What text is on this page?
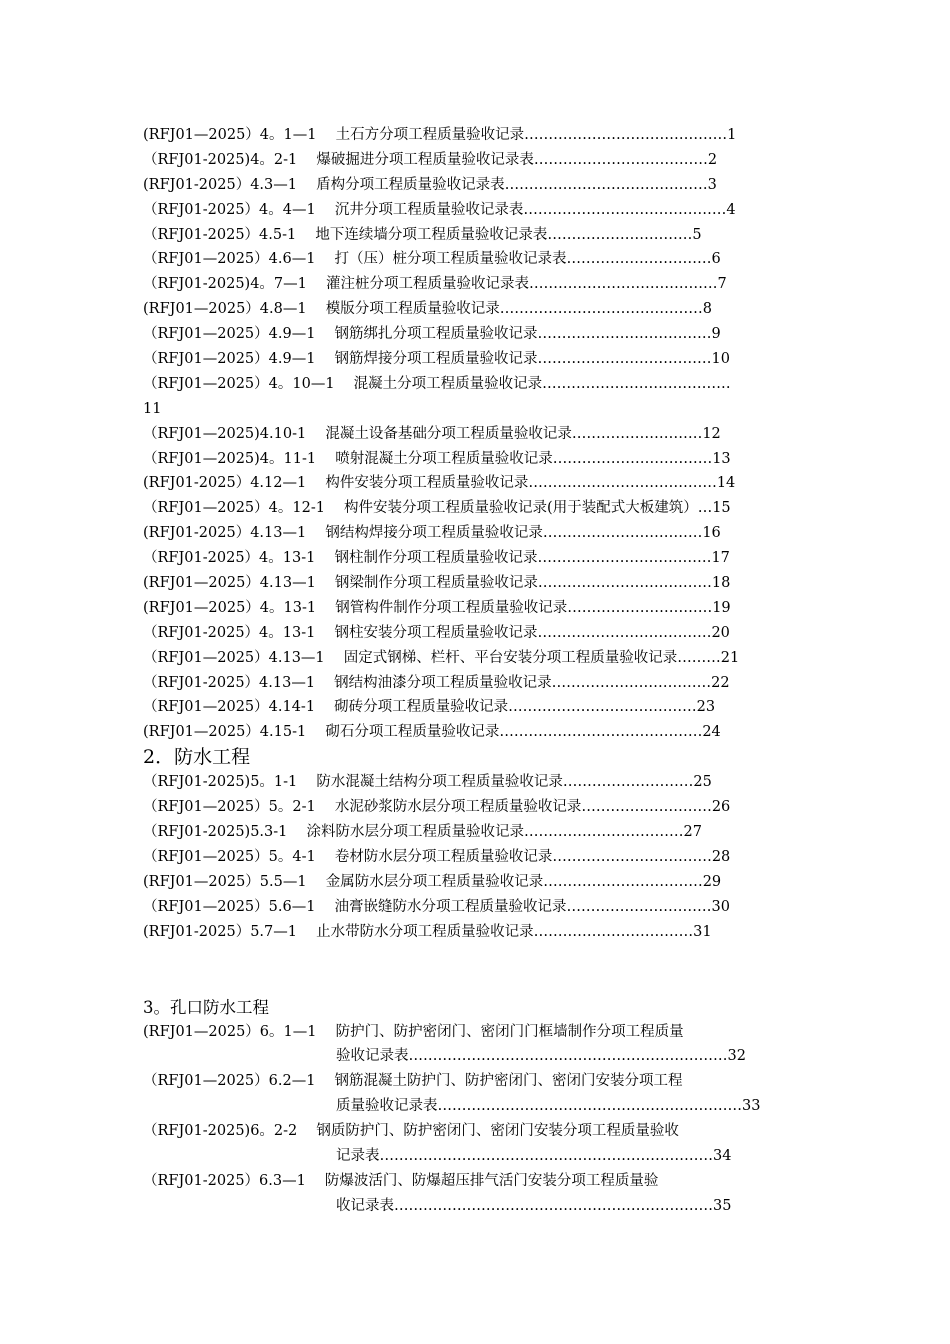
(RFJ01—2025）4。1—1  土石方分项工程质量验收记录……………………………………1
（RFJ01-2025)4。2-1  爆破掘进分项工程质量验收记录表………………………………2
(RFJ01-2025）4.3—1  盾构分项工程质量验收记录表……………………………………3
（RFJ01-2025）4。4—1  沉井分项工程质量验收记录表……………………………………4
（RFJ01-2025）4.5-1  地下连续墙分项工程质量验收记录表…………………………5
（RFJ01—2025）4.6—1  打（压）桩分项工程质量验收记录表…………………………6
（RFJ01-2025)4。7—1  灌注桩分项工程质量验收记录表…………………………………7
(RFJ01—2025）4.8—1  模版分项工程质量验收记录……………………………………8
（RFJ01—2025）4.9—1  钢筋绑扎分项工程质量验收记录………………………………9
（RFJ01—2025）4.9—1  钢筋焊接分项工程质量验收记录………………………………10
（RFJ01—2025）4。10—1  混凝土分项工程质量验收记录…………………………………
11
（RFJ01—2025)4.10-1  混凝土设备基础分项工程质量验收记录………………………12
（RFJ01—2025)4。11-1  喷射混凝土分项工程质量验收记录……………………………13
(RFJ01-2025）4.12—1  构件安装分项工程质量验收记录…………………………………14
（RFJ01—2025）4。12-1  构件安装分项工程质量验收记录(用于装配式大板建筑）…15
(RFJ01-2025）4.13—1  钢结构焊接分项工程质量验收记录……………………………16
（RFJ01-2025）4。13-1  钢柱制作分项工程质量验收记录………………………………17
(RFJ01—2025）4.13—1  钢梁制作分项工程质量验收记录………………………………18
(RFJ01—2025）4。13-1  钢管构件制作分项工程质量验收记录…………………………19
（RFJ01-2025）4。13-1  钢柱安装分项工程质量验收记录………………………………20
（RFJ01—2025）4.13—1  固定式钢梯、栏杆、平台安装分项工程质量验收记录………21
（RFJ01-2025）4.13—1  钢结构油漆分项工程质量验收记录……………………………22
（RFJ01—2025）4.14-1  砌砖分项工程质量验收记录…………………………………23
(RFJ01—2025）4.15-1  砌石分项工程质量验收记录……………………………………24
2．防水工程
（RFJ01-2025)5。1-1  防水混凝土结构分项工程质量验收记录………………………25
（RFJ01—2025）5。2-1  水泥砂浆防水层分项工程质量验收记录………………………26
（RFJ01-2025)5.3-1  涂料防水层分项工程质量验收记录……………………………27
（RFJ01—2025）5。4-1  卷材防水层分项工程质量验收记录……………………………28
(RFJ01—2025）5.5—1  金属防水层分项工程质量验收记录……………………………29
（RFJ01—2025）5.6—1  油膏嵌缝防水分项工程质量验收记录…………………………30
(RFJ01-2025）5.7—1  止水带防水分项工程质量验收记录……………………………31
3。孔口防水工程
(RFJ01—2025）6。1—1  防护门、防护密闭门、密闭门门框墙制作分项工程质量
验收记录表…………………………………………………………32
（RFJ01—2025）6.2—1  钢筋混凝土防护门、防护密闭门、密闭门安装分项工程
质量验收记录表………………………………………………………33
（RFJ01-2025)6。2-2  钢质防护门、防护密闭门、密闭门安装分项工程质量验收
记录表……………………………………………………………34
（RFJ01-2025）6.3—1  防爆波活门、防爆超压排气活门安装分项工程质量验
收记录表…………………………………………………………35
